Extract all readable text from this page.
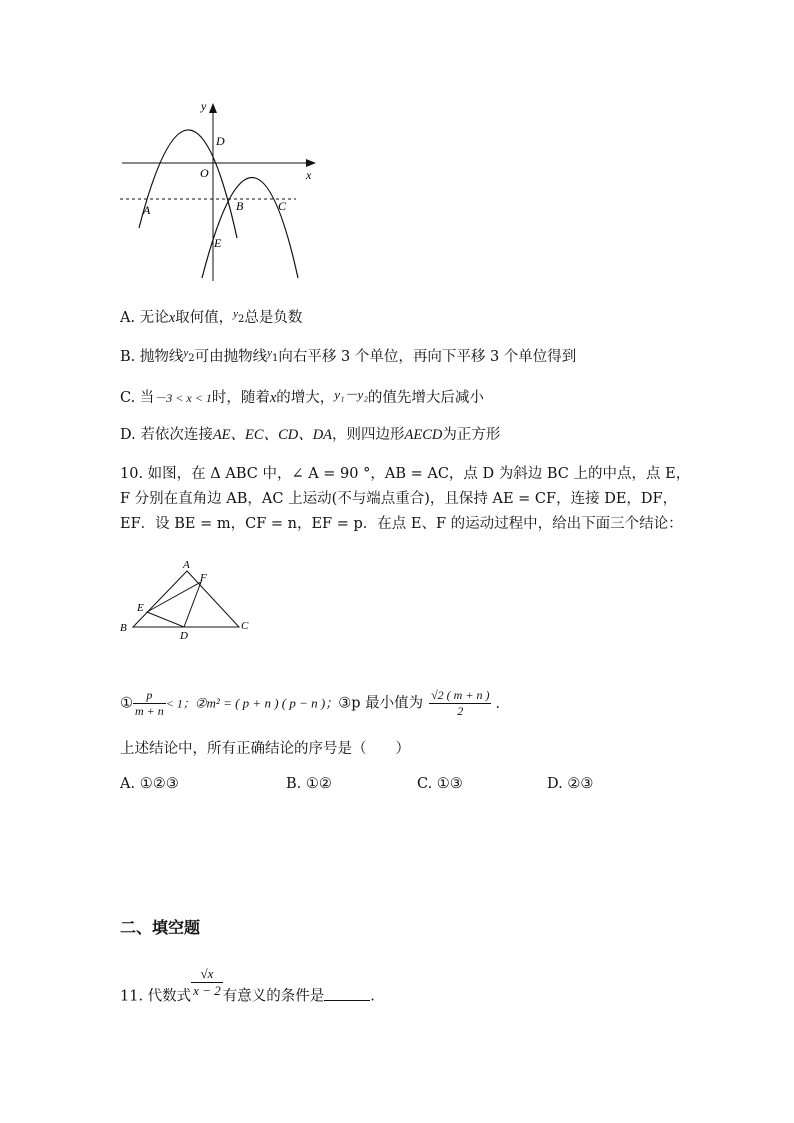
y
x
D
O
A	B	C
E
A. 无论x取何值，$^y$2总是负数
B. 抛物线$^y$2可由抛物线$^y$1向右平移 3 个单位，再向下平移 3 个单位得到
C. 当－3 < x < 1时，随着x的增大，y₁－y₂的值先增大后减小
D. 若依次连接AE、EC、CD、DA，则四边形AECD为正方形
10. 如图，在 Δ ABC 中，∠ A = 90 °，AB = AC，点 D 为斜边 BC 上的中点，点 E，
F 分别在直角边 AB，AC 上运动(不与端点重合)，且保持 AE = CF，连接 DE，DF，
EF．设 BE = m，CF = n，EF = p．在点 E、F 的运动过程中，给出下面三个结论：
A
F
E
B
D
C
① $\frac{p}{m + n} < 1$；②m² = ( p + n ) ( p − n )；③p 最小值为 $\frac{√2 ( m + n )}{2}$ ．
上述结论中，所有正确结论的序号是（　　）
A. ①②③	B. ①②	C. ①③	D. ②③
二、填空题
11. 代数式 $\frac{√x}{x - 2}$ 有意义的条件是	.
